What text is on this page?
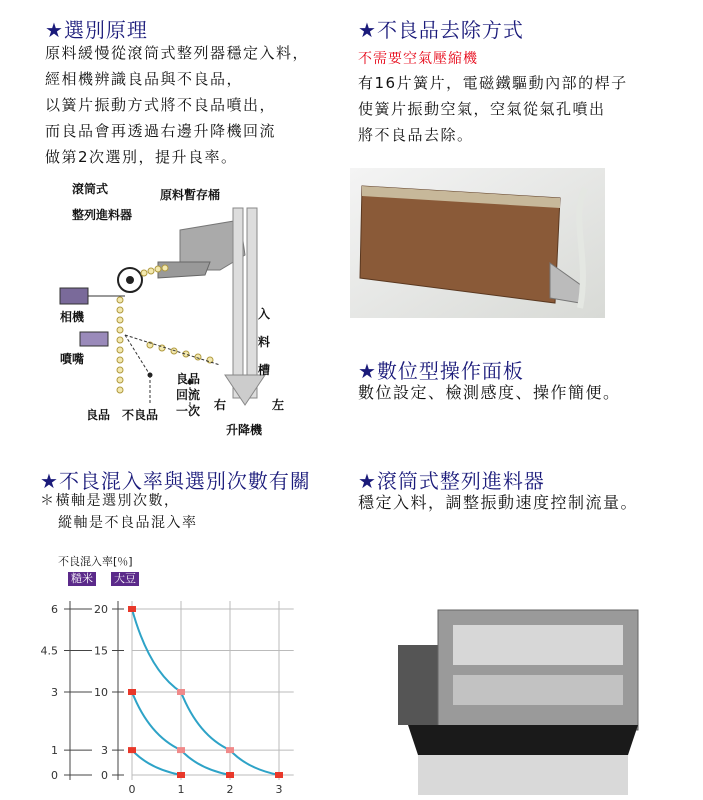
★選別原理
原料緩慢從滾筒式整列器穩定入料，
經相機辨識良品與不良品，
以簧片振動方式將不良品噴出，
而良品會再透過右邊升降機回流
做第2次選別，提升良率。
★不良品去除方式
不需要空氣壓縮機
有16片簧片，電磁鐵驅動內部的桿子
使簧片振動空氣，空氣從氣孔噴出
將不良品去除。
滾筒式
整列進料器
原料暫存桶
相機
噴嘴
入
料
槽
良品
回流
一次
良品 不良品
右	左
升降機
★數位型操作面板
數位設定、檢測感度、操作簡便。
★不良混入率與選別次數有關
＊橫軸是選別次數，
縱軸是不良品混入率
★滾筒式整列進料器
穩定入料，調整振動速度控制流量。
不良混入率[％]
糙米 大豆
6	20
4.5	15
3	10
1	3
0	0
0	1	2	3
